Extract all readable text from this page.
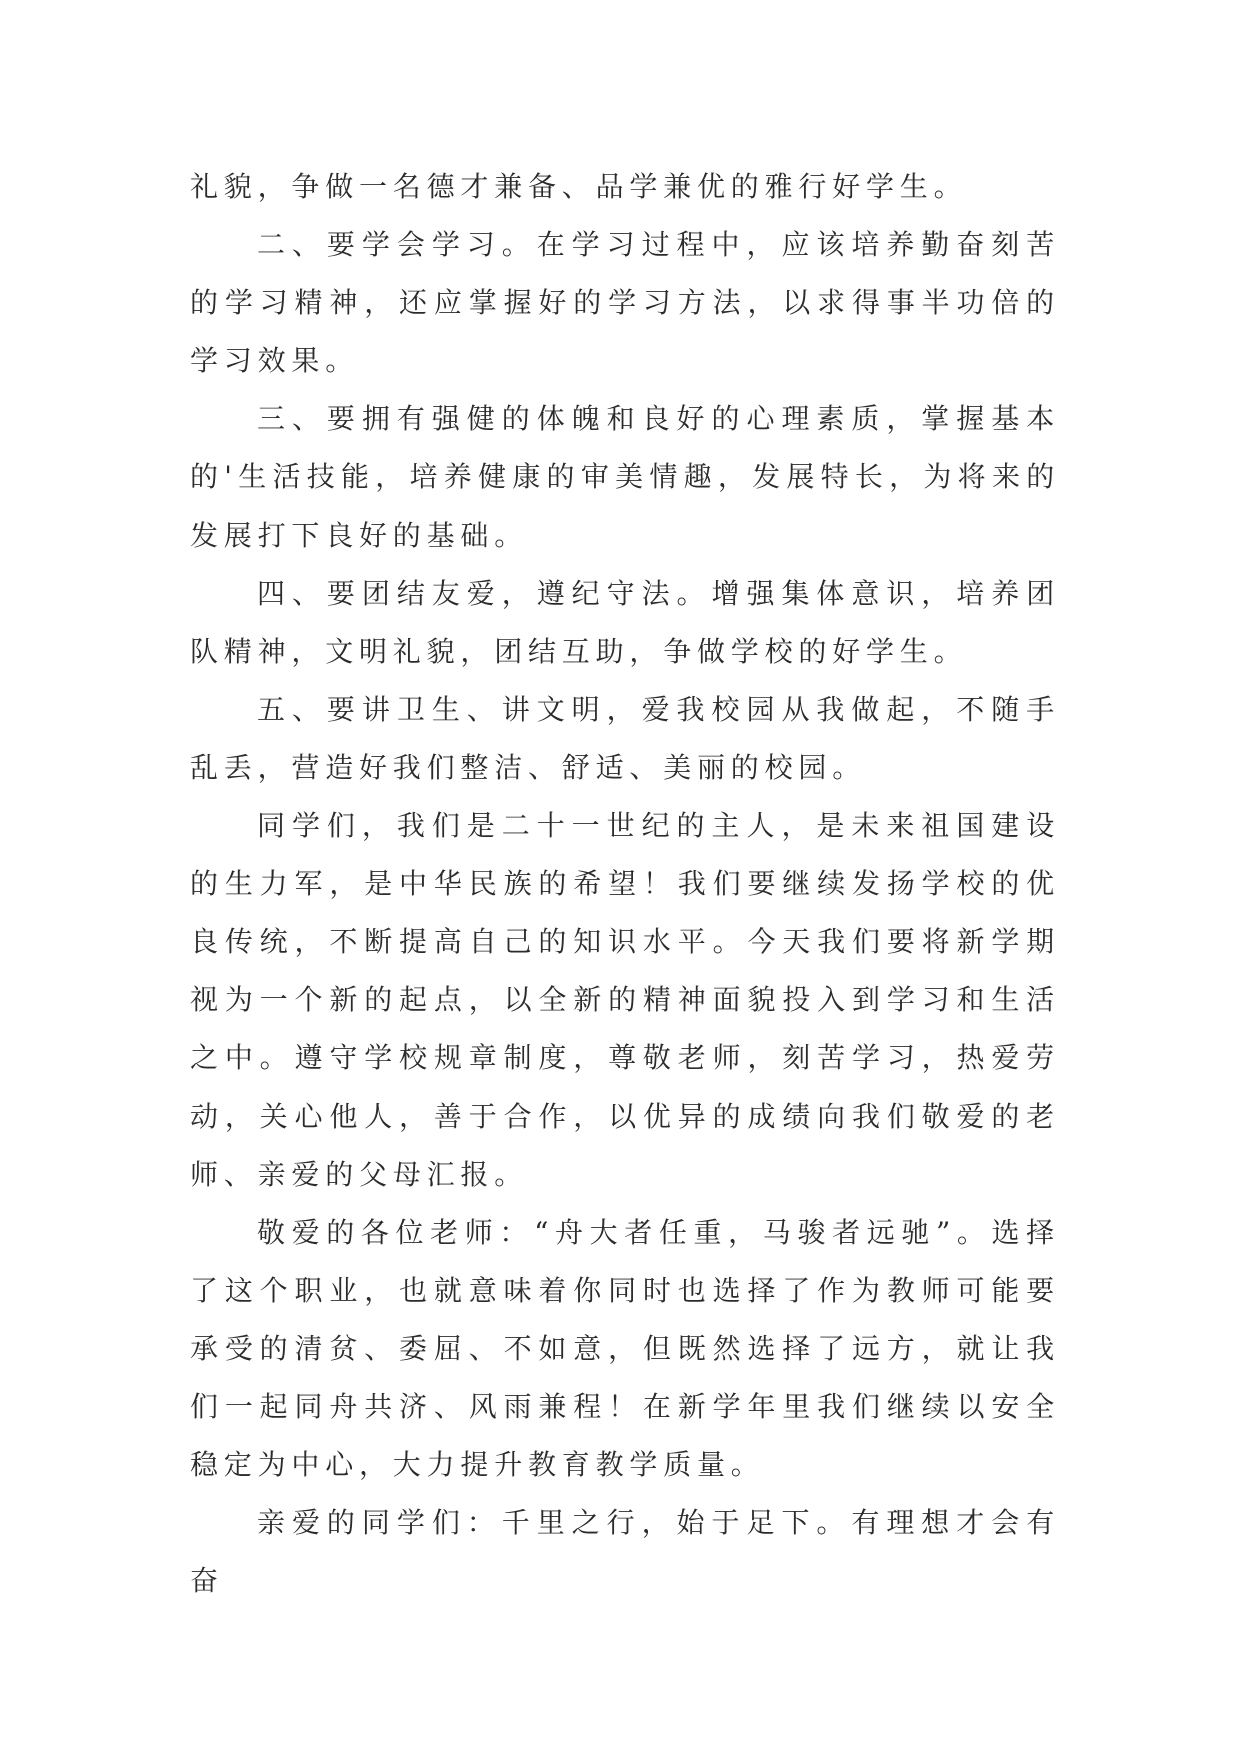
礼貌，争做一名德才兼备、品学兼优的雅行好学生。

二、要学会学习。在学习过程中，应该培养勤奋刻苦的学习精神，还应掌握好的学习方法，以求得事半功倍的学习效果。

三、要拥有强健的体魄和良好的心理素质，掌握基本的'生活技能，培养健康的审美情趣，发展特长，为将来的发展打下良好的基础。

四、要团结友爱，遵纪守法。增强集体意识，培养团队精神，文明礼貌，团结互助，争做学校的好学生。

五、要讲卫生、讲文明，爱我校园从我做起，不随手乱丢，营造好我们整洁、舒适、美丽的校园。

同学们，我们是二十一世纪的主人，是未来祖国建设的生力军，是中华民族的希望！我们要继续发扬学校的优良传统，不断提高自己的知识水平。今天我们要将新学期视为一个新的起点，以全新的精神面貌投入到学习和生活之中。遵守学校规章制度，尊敬老师，刻苦学习，热爱劳动，关心他人，善于合作，以优异的成绩向我们敬爱的老师、亲爱的父母汇报。

敬爱的各位老师：“舟大者任重，马骏者远驰”。选择了这个职业，也就意味着你同时也选择了作为教师可能要承受的清贫、委屈、不如意，但既然选择了远方，就让我们一起同舟共济、风雨兼程！在新学年里我们继续以安全稳定为中心，大力提升教育教学质量。

亲爱的同学们：千里之行，始于足下。有理想才会有奋
